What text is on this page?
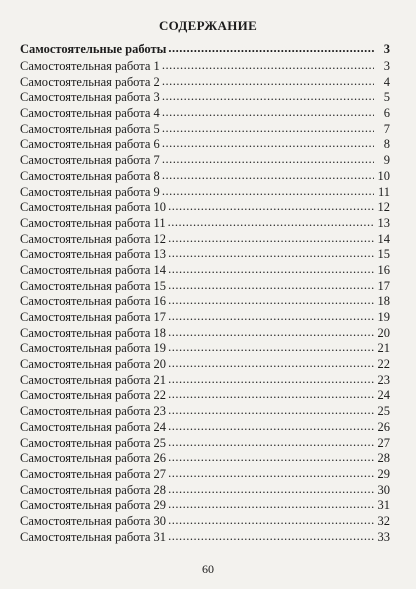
СОДЕРЖАНИЕ
Самостоятельные работы .....	3
Самостоятельная работа 1 .....	3
Самостоятельная работа 2 .....	4
Самостоятельная работа 3 .....	5
Самостоятельная работа 4 .....	6
Самостоятельная работа 5 .....	7
Самостоятельная работа 6 .....	8
Самостоятельная работа 7 .....	9
Самостоятельная работа 8 .....	10
Самостоятельная работа 9 .....	11
Самостоятельная работа 10 .....	12
Самостоятельная работа 11 .....	13
Самостоятельная работа 12 .....	14
Самостоятельная работа 13 .....	15
Самостоятельная работа 14 .....	16
Самостоятельная работа 15 .....	17
Самостоятельная работа 16 .....	18
Самостоятельная работа 17 .....	19
Самостоятельная работа 18 .....	20
Самостоятельная работа 19 .....	21
Самостоятельная работа 20 .....	22
Самостоятельная работа 21 .....	23
Самостоятельная работа 22 .....	24
Самостоятельная работа 23 .....	25
Самостоятельная работа 24 .....	26
Самостоятельная работа 25 .....	27
Самостоятельная работа 26 .....	28
Самостоятельная работа 27 .....	29
Самостоятельная работа 28 .....	30
Самостоятельная работа 29 .....	31
Самостоятельная работа 30 .....	32
Самостоятельная работа 31 .....	33
60
